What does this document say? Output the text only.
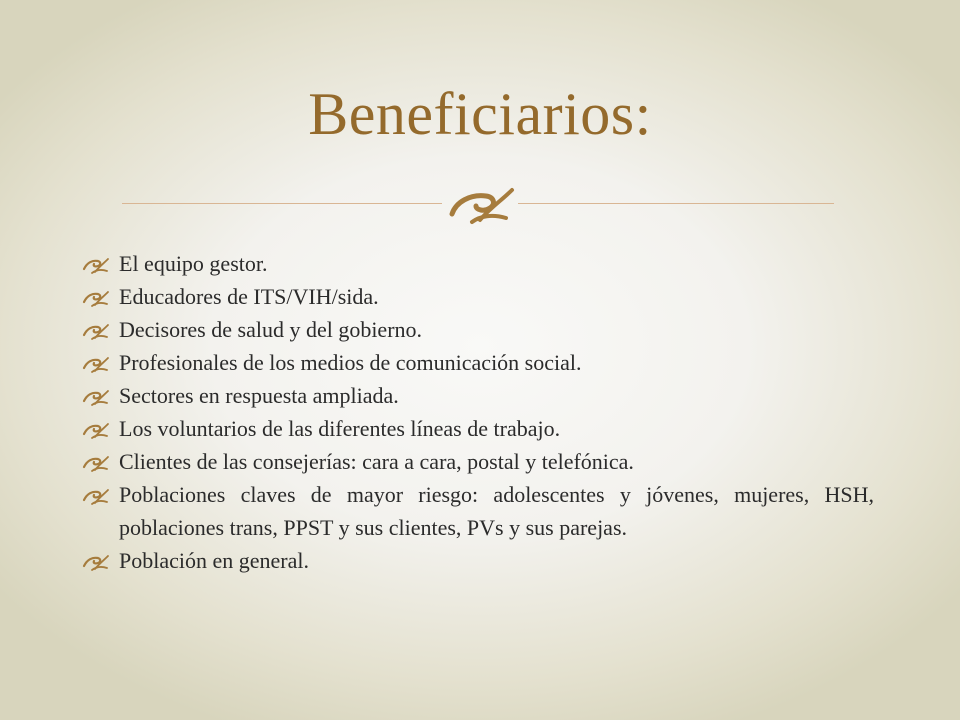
Beneficiarios:
El equipo gestor.
Educadores de ITS/VIH/sida.
Decisores de salud y del gobierno.
Profesionales de los medios de comunicación social.
Sectores en respuesta ampliada.
Los voluntarios de las diferentes líneas de trabajo.
Clientes de las consejerías: cara a cara, postal y telefónica.
Poblaciones claves de mayor riesgo: adolescentes y jóvenes, mujeres, HSH, poblaciones trans, PPST y sus clientes, PVs y sus parejas.
Población en general.
